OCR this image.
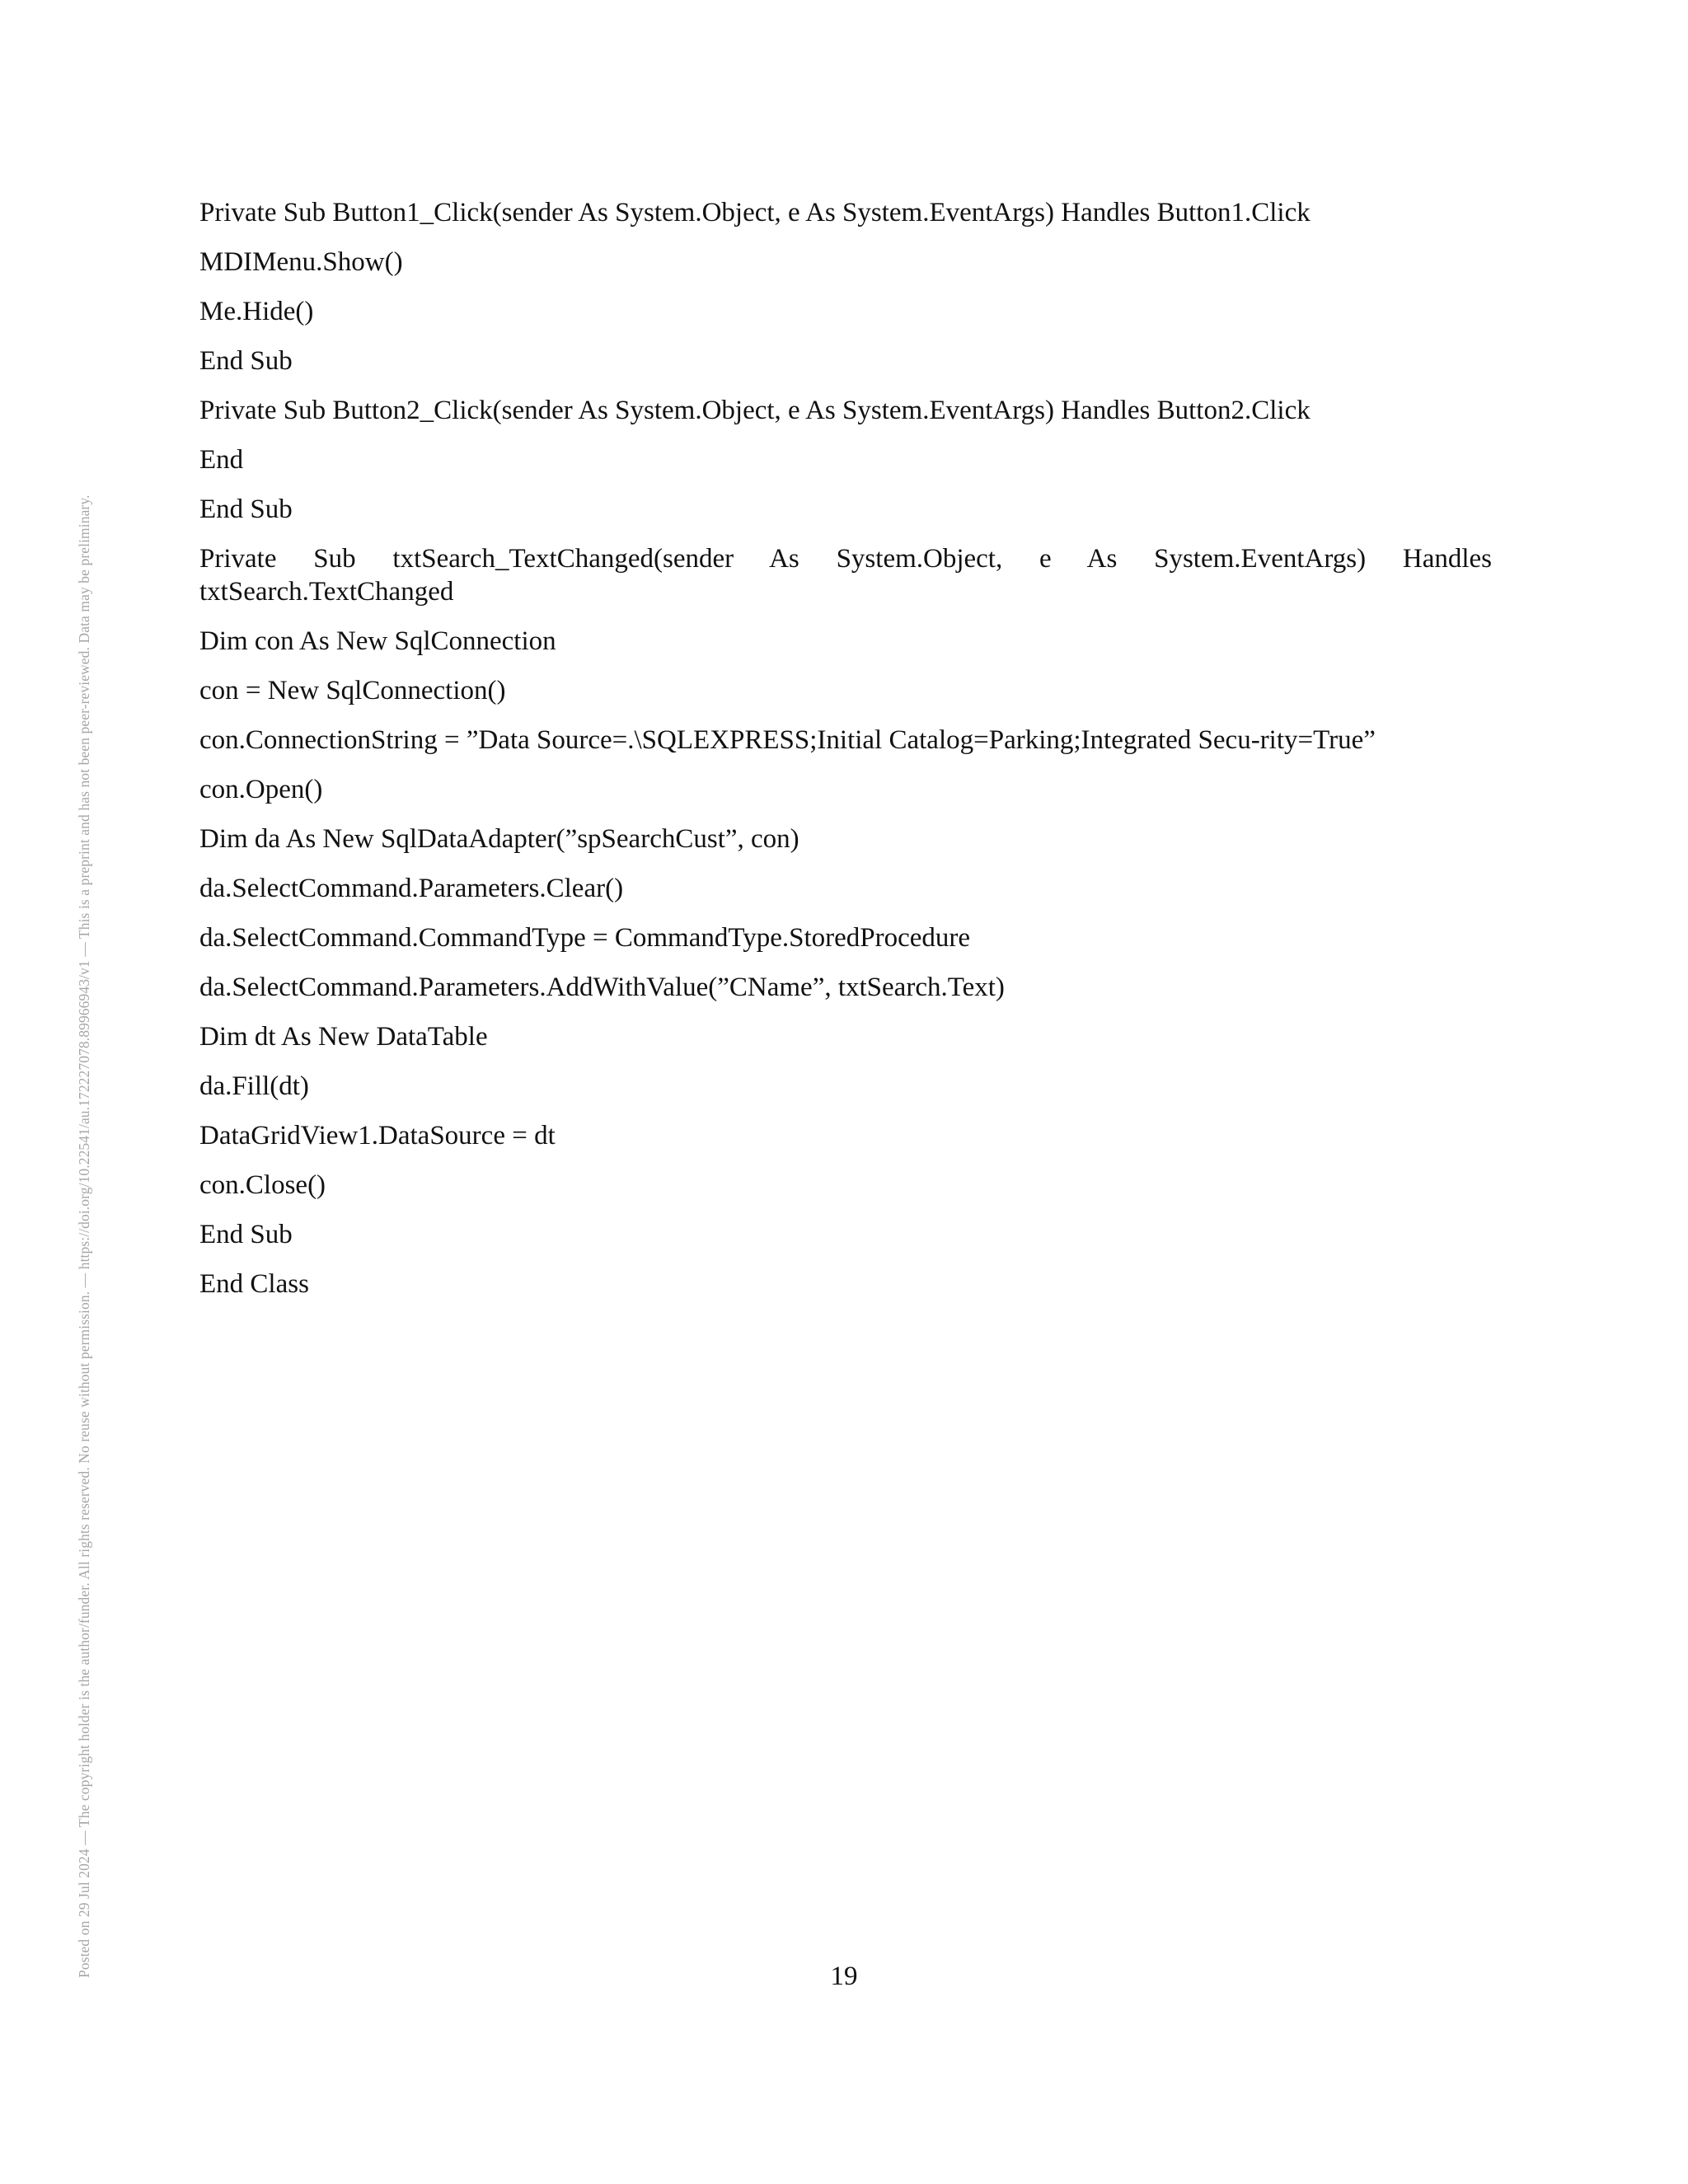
Posted on 29 Jul 2024 — The copyright holder is the author/funder. All rights reserved. No reuse without permission. — https://doi.org/10.22541/au.172227078.89966943/v1 — This is a preprint and has not been peer-reviewed. Data may be preliminary.

Private Sub Button1_Click(sender As System.Object, e As System.EventArgs) Handles Button1.Click

MDIMenu.Show()

Me.Hide()

End Sub

Private Sub Button2_Click(sender As System.Object, e As System.EventArgs) Handles Button2.Click

End

End Sub

Private Sub txtSearch_TextChanged(sender As System.Object, e As System.EventArgs) Handles txtSearch.TextChanged

Dim con As New SqlConnection

con = New SqlConnection()

con.ConnectionString = ”Data Source=.\SQLEXPRESS;Initial Catalog=Parking;Integrated Secu-rity=True”

con.Open()

Dim da As New SqlDataAdapter(”spSearchCust”, con)

da.SelectCommand.Parameters.Clear()

da.SelectCommand.CommandType = CommandType.StoredProcedure

da.SelectCommand.Parameters.AddWithValue(”CName”, txtSearch.Text)

Dim dt As New DataTable

da.Fill(dt)

DataGridView1.DataSource = dt

con.Close()

End Sub

End Class

19
